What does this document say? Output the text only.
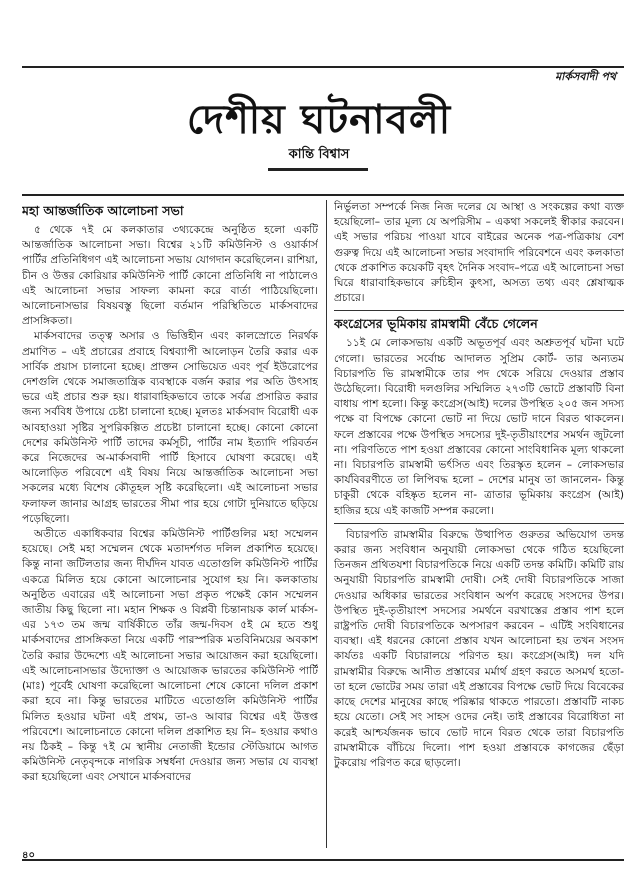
মার্কসবাদী পথ
দেশীয় ঘটনাবলী
কান্তি বিশ্বাস
মহা আন্তর্জাতিক আলোচনা সভা

৫ থেকে ৭ই মে কলকাতার ৩থ্যকেন্দ্রে অনুষ্ঠিত হলো একটি আন্তর্জাতিক আলোচনা সভা। বিশ্বের ২১টি কমিউনিস্ট ও ওয়ার্কার্স পার্টির প্রতিনিধিগণ এই আলোচনা সভায় যোগদান করেছিলেন। রাশিয়া, চীন ও উত্তর কোরিয়ার কমিউনিস্ট পার্টি কোনো প্রতিনিধি না পাঠালেও এই আলোচনা সভার সাফল্য কামনা করে বার্তা পাঠিয়েছিলো। আলোচনাসভার বিষয়বস্তু ছিলো বর্তমান পরিস্থিতিতে মার্কসবাদের প্রাসঙ্গিকতা।

মার্কসবাদের তত্ত্ব অসার ও ভিত্তিহীন এবং কালস্রোতে নিরর্থক প্রমাণিত – এই প্রচারের প্রবাহে বিশ্বব্যাপী আলোড়ন তৈরি করার এক সার্বিক প্রয়াস চালানো হচ্ছে। প্রাক্তন সোভিয়েত এবং পূর্ব ইউরোপের দেশগুলি থেকে সমাজতান্ত্রিক ব্যবস্থাকে বর্জন করার পর অতি উৎসাহ ভরে এই প্রচার শুরু হয়। ধারাবাহিকভাবে তাকে সর্বত্র প্রসারিত করার জন্য সর্ববিধ উপায়ে চেষ্টা চালানো হচ্ছে। মূলতঃ মার্কসবাদ বিরোধী এক আবহাওয়া সৃষ্টির সুপরিকল্পিত প্রচেষ্টা চালানো হচ্ছে। কোনো কোনো দেশের কমিউনিস্ট পার্টি তাদের কর্মসূচী, পার্টির নাম ইত্যাদি পরিবর্তন করে নিজেদের অ-মার্কসবাদী পার্টি হিসাবে ঘোষণা করেছে। এই আলোড়িত পরিবেশে এই বিষয় নিয়ে আন্তর্জাতিক আলোচনা সভা সকলের মধ্যে বিশেষ কৌতূহল সৃষ্টি করেছিলো। এই আলোচনা সভার ফলাফল জানার আগ্রহ ভারতের সীমা পার হয়ে গোটা দুনিয়াতে ছড়িয়ে পড়েছিলো।

অতীতে একাধিকবার বিশ্বের কমিউনিস্ট পার্টিগুলির মহা সম্মেলন হয়েছে। সেই মহা সম্মেলন থেকে মতাদর্শগত দলিল প্রকাশিত হয়েছে। কিন্তু নানা জটিলতার জন্য দীর্ঘদিন যাবত এতোগুলি কমিউনিস্ট পার্টির একত্রে মিলিত হয়ে কোনো আলোচনার সুযোগ হয় নি। কলকাতায় অনুষ্ঠিত এবারের এই আলোচনা সভা প্রকৃত পক্ষেই কোন সম্মেলন জাতীয় কিছু ছিলো না। মহান শিক্ষক ও বিপ্লবী চিন্তানায়ক কার্ল মার্কস-এর ১৭৩ তম জন্ম বার্ষিকীতে তাঁর জন্ম-দিবস ৫ই মে হতে শুধু মার্কসবাদের প্রাসঙ্গিকতা নিয়ে একটি পারস্পরিক মতবিনিময়ের অবকাশ তৈরি করার উদ্দেশ্যে এই আলোচনা সভার আয়োজন করা হয়েছিলো। এই আলোচনাসভার উদ্যোক্তা ও আয়োজক ভারতের কমিউনিস্ট পার্টি (মাঃ) পূর্বেই ঘোষণা করেছিলো আলোচনা শেষে কোনো দলিল প্রকাশ করা হবে না। কিন্তু ভারতের মাটিতে এতোগুলি কমিউনিস্ট পার্টির মিলিত হওয়ার ঘটনা এই প্রথম, তা-ও আবার বিশ্বের এই উত্তপ্ত পরিবেশে। আলোচনাতে কোনো দলিল প্রকাশিত হয় নি– হওয়ার কথাও নয় ঠিকই – কিন্তু ৭ই মে স্থানীয় নেতাজী ইন্ডোর স্টেডিয়ামে আগত কমিউনিস্ট নেতৃবৃন্দকে নাগরিক সম্বর্ধনা দেওয়ার জন্য সভার যে ব্যবস্থা করা হয়েছিলো এবং সেখানে মার্কসবাদের

নির্ভুলতা সম্পর্কে নিজ নিজ দলের যে আস্থা ও সংকল্পের কথা ব্যক্ত হয়েছিলো– তার মূল্য যে অপরিসীম – একথা সকলেই স্বীকার করবেন। এই সভার পরিচয় পাওয়া যাবে বাইরের অনেক পত্র-পত্রিকায় বেশ গুরুত্ব দিয়ে এই আলোচনা সভার সংবাদাদি পরিবেশনে এবং কলকাতা থেকে প্রকাশিত কয়েকটি বৃহৎ দৈনিক সংবাদ–পত্রে এই আলোচনা সভা ঘিরে ধারাবাহিকভাবে রুচিহীন কুৎসা, অসত্য তথ্য এবং শ্লেষাত্মক প্রচারে।

কংগ্রেসের ভূমিকায় রামস্বামী বেঁচে গেলেন

১১ই মে লোকসভায় একটি অভূতপূর্ব এবং অশ্রুতপূর্ব ঘটনা ঘটে গেলো। ভারতের সর্বোচ্চ আদালত সুপ্রিম কোর্ট- তার অন্যতম বিচারপতি ভি রামস্বামীকে তার পদ থেকে সরিয়ে দেওয়ার প্রস্তাব উঠেছিলো। বিরোধী দলগুলির সম্মিলিত ২৭৩টি ভোটে প্রস্তাবটি বিনা বাধায় পাশ হলো। কিন্তু কংগ্রেস(আই) দলের উপস্থিত ২০৫ জন সদস্য পক্ষে বা বিপক্ষে কোনো ভোট না দিয়ে ভোট দানে বিরত থাকলেন। ফলে প্রস্তাবের পক্ষে উপস্থিত সদস্যের দুই-তৃতীয়াংশের সমর্থন জুটলো না। পরিণতিতে পাশ হওয়া প্রস্তাবের কোনো সাংবিধানিক মূল্য থাকলো না। বিচারপতি রামস্বামী ভর্ৎসিত এবং তিরস্কৃত হলেন – লোকসভার কার্যবিবরণীতে তা লিপিবদ্ধ হলো – দেশের মানুষ তা জানলেন- কিন্তু চাকুরী থেকে বহিষ্কৃত হলেন না- ত্রাতার ভূমিকায় কংগ্রেস (আই) হাজির হয়ে এই কাজটি সম্পন্ন করলো।

বিচারপতি রামস্বামীর বিরুদ্ধে উত্থাপিত গুরুতর অভিযোগ তদন্ত করার জন্য সংবিধান অনুযায়ী লোকসভা থেকে গঠিত হয়েছিলো তিনজন প্রথিতযশা বিচারপতিকে নিয়ে একটি তদন্ত কমিটি। কমিটি রায় অনুযায়ী বিচারপতি রামস্বামী দোষী। সেই দোষী বিচারপতিকে সাজা দেওয়ার অধিকার ভারতের সংবিধান অর্পণ করেছে সংসদের উপর। উপস্থিত দুই-তৃতীয়াংশ সদস্যের সমর্থনে বরখাস্তের প্রস্তাব পাশ হলে রাষ্ট্রপতি দোষী বিচারপতিকে অপসারণ করবেন – এটিই সংবিধানের ব্যবস্থা। এই ধরনের কোনো প্রস্তাব যখন আলোচনা হয় তখন সংসদ কার্যতঃ একটি বিচারালয়ে পরিণত হয়। কংগ্রেস(আই) দল যদি রামস্বামীর বিরুদ্ধে আনীত প্রস্তাবের মর্মার্থ গ্রহণ করতে অসমর্থ হতো- তা হলে ভোটের সময় তারা এই প্রস্তাবের বিপক্ষে ভোট দিয়ে বিবেকের কাছে দেশের মানুষের কাছে পরিষ্কার থাকতে পারতো। প্রস্তাবটি নাকচ হয়ে যেতো। সেই সং সাহস ওদের নেই। তাই প্রস্তাবের বিরোধিতা না করেই আশ্চর্যজনক ভাবে ভোট দানে বিরত থেকে তারা বিচারপতি রামস্বামীকে বাঁচিয়ে দিলো। পাশ হওয়া প্রস্তাবকে কাগজের ছেঁড়া টুকরোয় পরিণত করে ছাড়লো।

৪০
